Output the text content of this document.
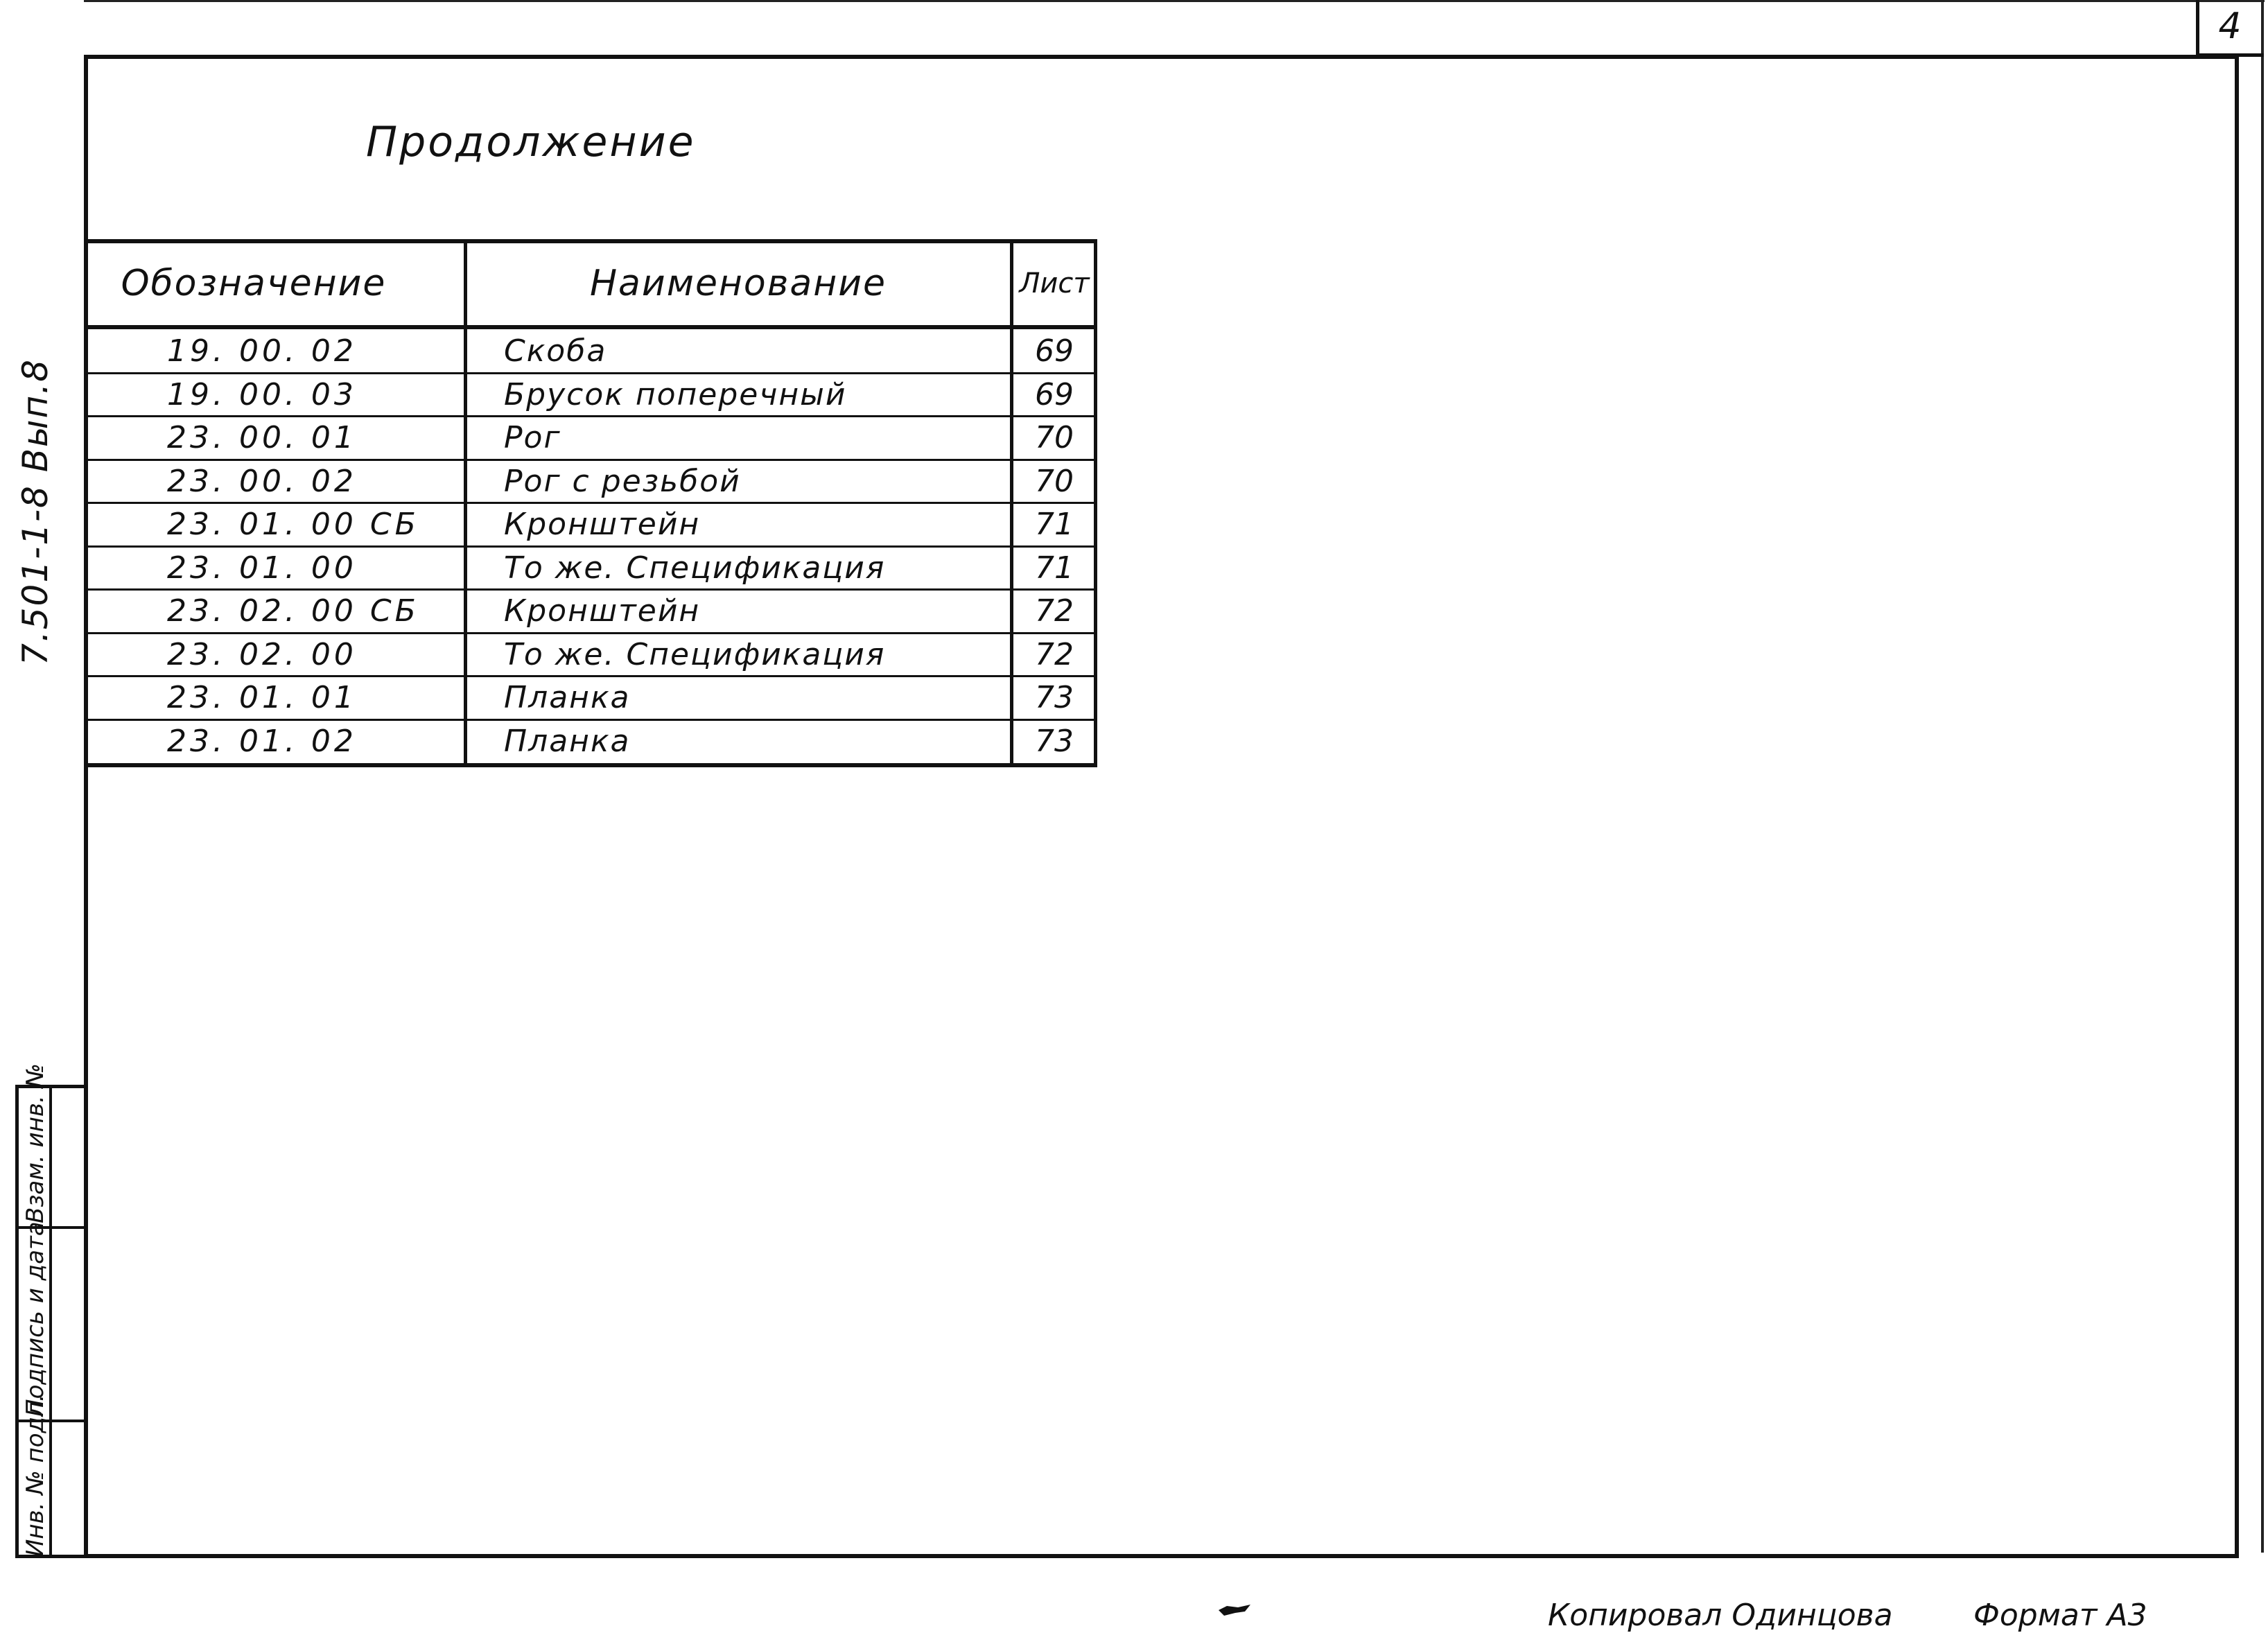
4
Продолжение
Обозначение	Наименование	Лист
19. 00. 02	Скоба	69
19. 00. 03	Брусок поперечный	69
23. 00. 01	Рог	70
23. 00. 02	Рог с резьбой	70
23. 01. 00 СБ	Кронштейн	71
23. 01. 00	То же. Спецификация	71
23. 02. 00 СБ	Кронштейн	72
23. 02. 00	То же. Спецификация	72
23. 01. 01	Планка	73
23. 01. 02	Планка	73
7.501-1-8 Вып.8
Инв. № подл.
Подпись и дата
Взам. инв. №
Копировал Одинцова	Формат А3
